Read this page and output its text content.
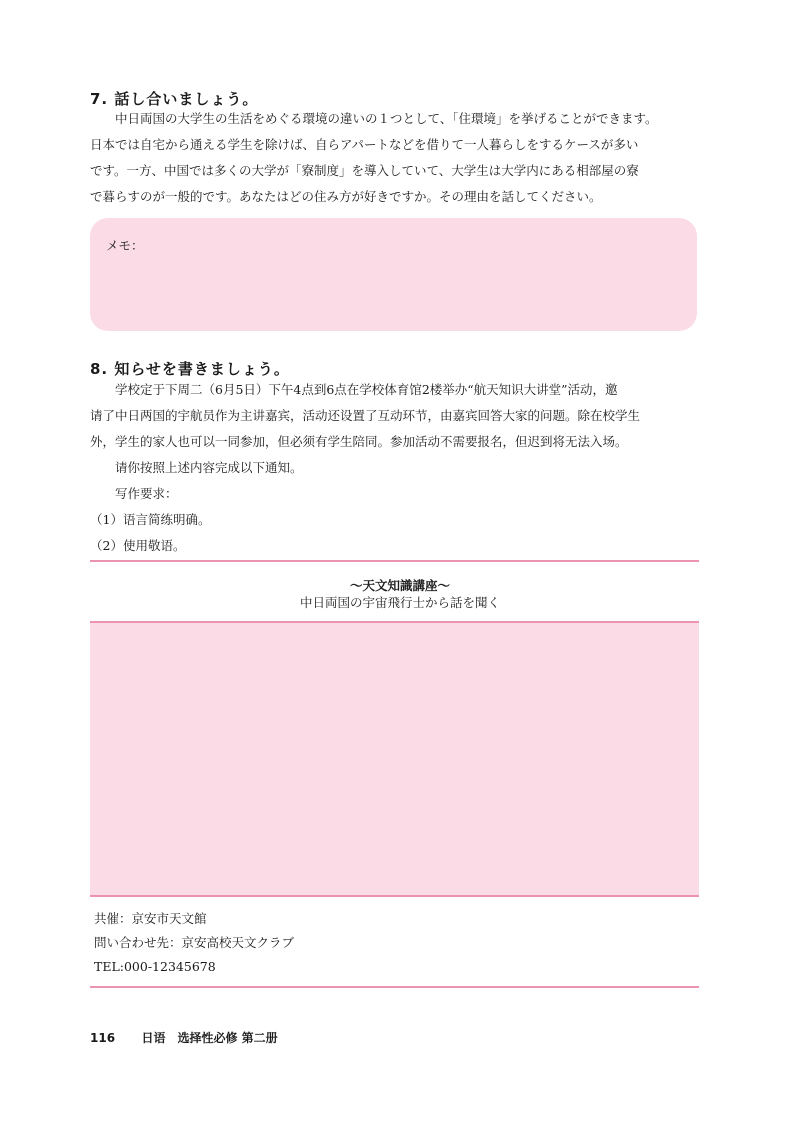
7. 話し合いましょう。

中日両国の大学生の生活をめぐる環境の違いの１つとして、「住環境」を挙げることができます。

日本では自宅から通える学生を除けば、自らアパートなどを借りて一人暮らしをするケースが多い

です。一方、中国では多くの大学が「寮制度」を導入していて、大学生は大学内にある相部屋の寮

で暮らすのが一般的です。あなたはどの住み方が好きですか。その理由を話してください。

メモ：
8. 知らせを書きましょう。

学校定于下周二（6月5日）下午4点到6点在学校体育馆2楼举办“航天知识大讲堂”活动，邀

请了中日两国的宇航员作为主讲嘉宾，活动还设置了互动环节，由嘉宾回答大家的问题。除在校学生

外，学生的家人也可以一同参加，但必须有学生陪同。参加活动不需要报名，但迟到将无法入场。

请你按照上述内容完成以下通知。

写作要求：

（1）语言简练明确。

（2）使用敬语。

～天文知識講座～
中日両国の宇宙飛行士から話を聞く
共催：京安市天文館
問い合わせ先：京安高校天文クラブ
TEL:000-12345678
116 日语　选择性必修 第二册
